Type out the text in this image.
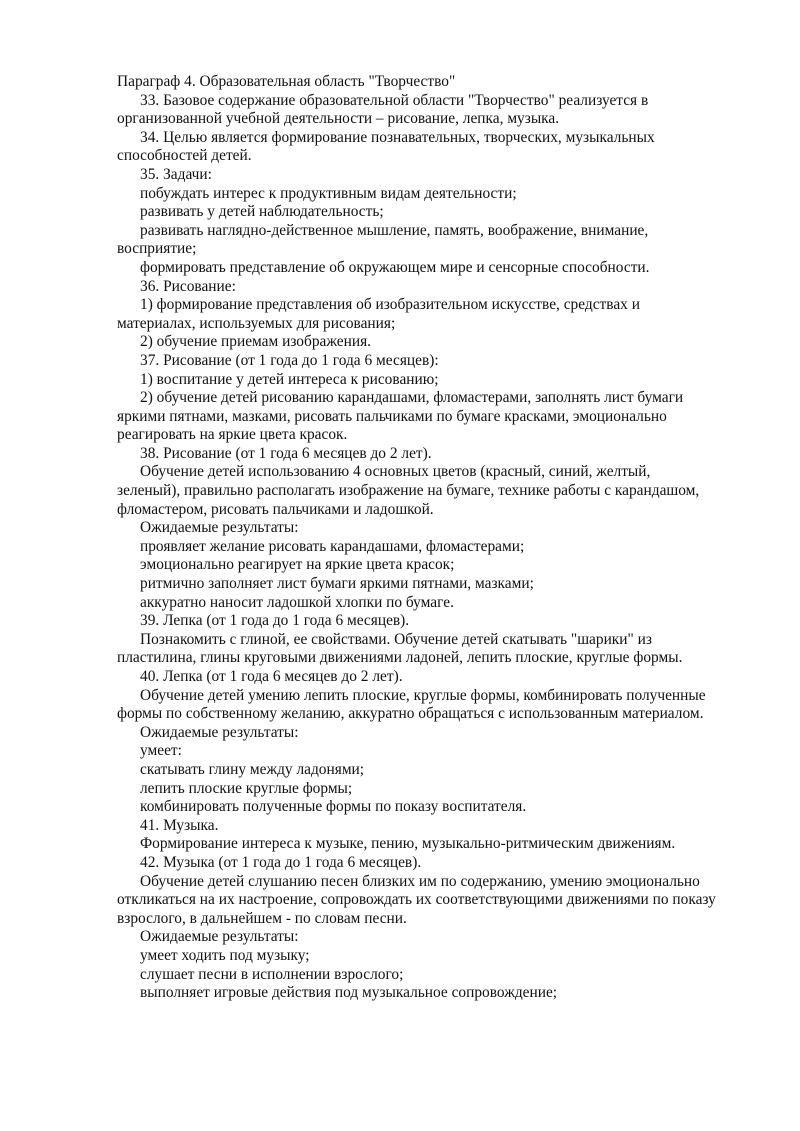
Параграф 4. Образовательная область "Творчество"

33. Базовое содержание образовательной области "Творчество" реализуется в организованной учебной деятельности – рисование, лепка, музыка.

34. Целью является формирование познавательных, творческих, музыкальных способностей детей.

35. Задачи:

побуждать интерес к продуктивным видам деятельности;

развивать у детей наблюдательность;

развивать наглядно-действенное мышление, память, воображение, внимание, восприятие;

формировать представление об окружающем мире и сенсорные способности.

36. Рисование:

1) формирование представления об изобразительном искусстве, средствах и материалах, используемых для рисования;

2) обучение приемам изображения.

37. Рисование (от 1 года до 1 года 6 месяцев):

1) воспитание у детей интереса к рисованию;

2) обучение детей рисованию карандашами, фломастерами, заполнять лист бумаги яркими пятнами, мазками, рисовать пальчиками по бумаге красками, эмоционально реагировать на яркие цвета красок.

38. Рисование (от 1 года 6 месяцев до 2 лет).

Обучение детей использованию 4 основных цветов (красный, синий, желтый, зеленый), правильно располагать изображение на бумаге, технике работы с карандашом, фломастером, рисовать пальчиками и ладошкой.

Ожидаемые результаты:

проявляет желание рисовать карандашами, фломастерами;

эмоционально реагирует на яркие цвета красок;

ритмично заполняет лист бумаги яркими пятнами, мазками;

аккуратно наносит ладошкой хлопки по бумаге.

39. Лепка (от 1 года до 1 года 6 месяцев).

Познакомить с глиной, ее свойствами. Обучение детей скатывать "шарики" из пластилина, глины круговыми движениями ладоней, лепить плоские, круглые формы.

40. Лепка (от 1 года 6 месяцев до 2 лет).

Обучение детей умению лепить плоские, круглые формы, комбинировать полученные формы по собственному желанию, аккуратно обращаться с использованным материалом.

Ожидаемые результаты:

умеет:

скатывать глину между ладонями;

лепить плоские круглые формы;

комбинировать полученные формы по показу воспитателя.

41. Музыка.

Формирование интереса к музыке, пению, музыкально-ритмическим движениям.

42. Музыка (от 1 года до 1 года 6 месяцев).

Обучение детей слушанию песен близких им по содержанию, умению эмоционально откликаться на их настроение, сопровождать их соответствующими движениями по показу взрослого, в дальнейшем - по словам песни.

Ожидаемые результаты:

умеет ходить под музыку;

слушает песни в исполнении взрослого;

выполняет игровые действия под музыкальное сопровождение;
